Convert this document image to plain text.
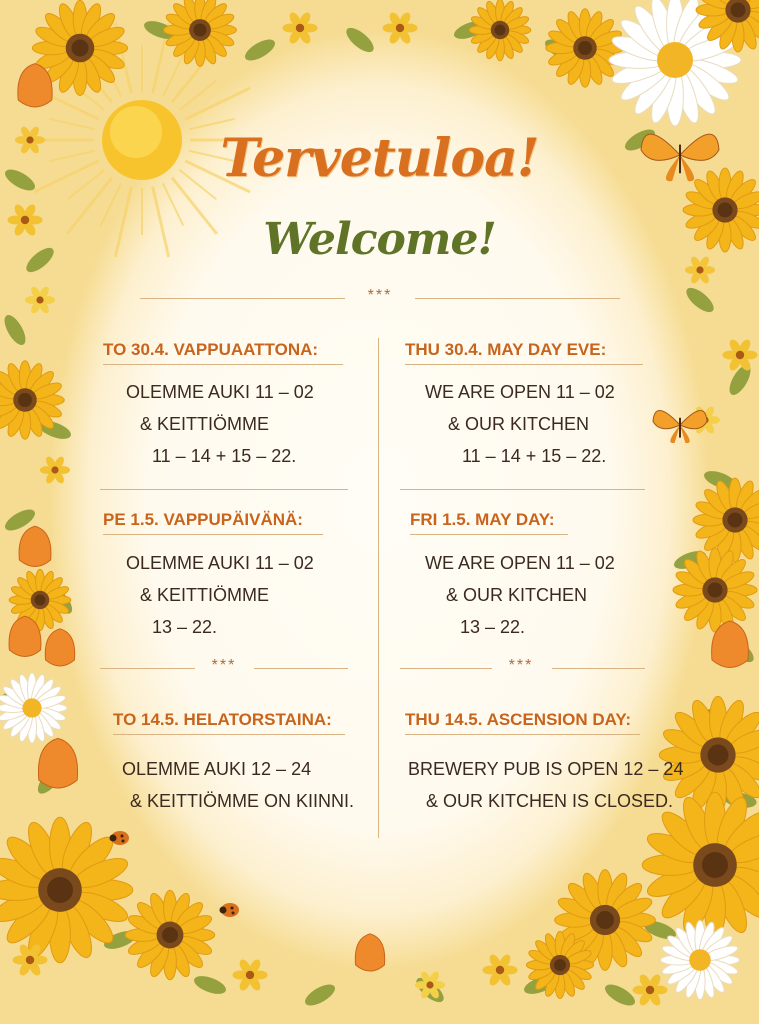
Tervetuloa!
Welcome!
***
TO 30.4. VAPPUAATTONA:
OLEMME AUKI 11 – 02
& KEITTIÖMME
11 – 14 + 15 – 22.
THU 30.4. MAY DAY EVE:
WE ARE OPEN 11 – 02
& OUR KITCHEN
11 – 14 + 15 – 22.
PE 1.5. VAPPUPÄIVÄNÄ:
OLEMME AUKI 11 – 02
& KEITTIÖMME
13 – 22.
FRI 1.5. MAY DAY:
WE ARE OPEN 11 – 02
& OUR KITCHEN
13 – 22.
***	***
TO 14.5. HELATORSTAINA:
OLEMME AUKI 12 – 24
& KEITTIÖMME ON KIINNI.
THU 14.5. ASCENSION DAY:
BREWERY PUB IS OPEN 12 – 24
& OUR KITCHEN IS CLOSED.
